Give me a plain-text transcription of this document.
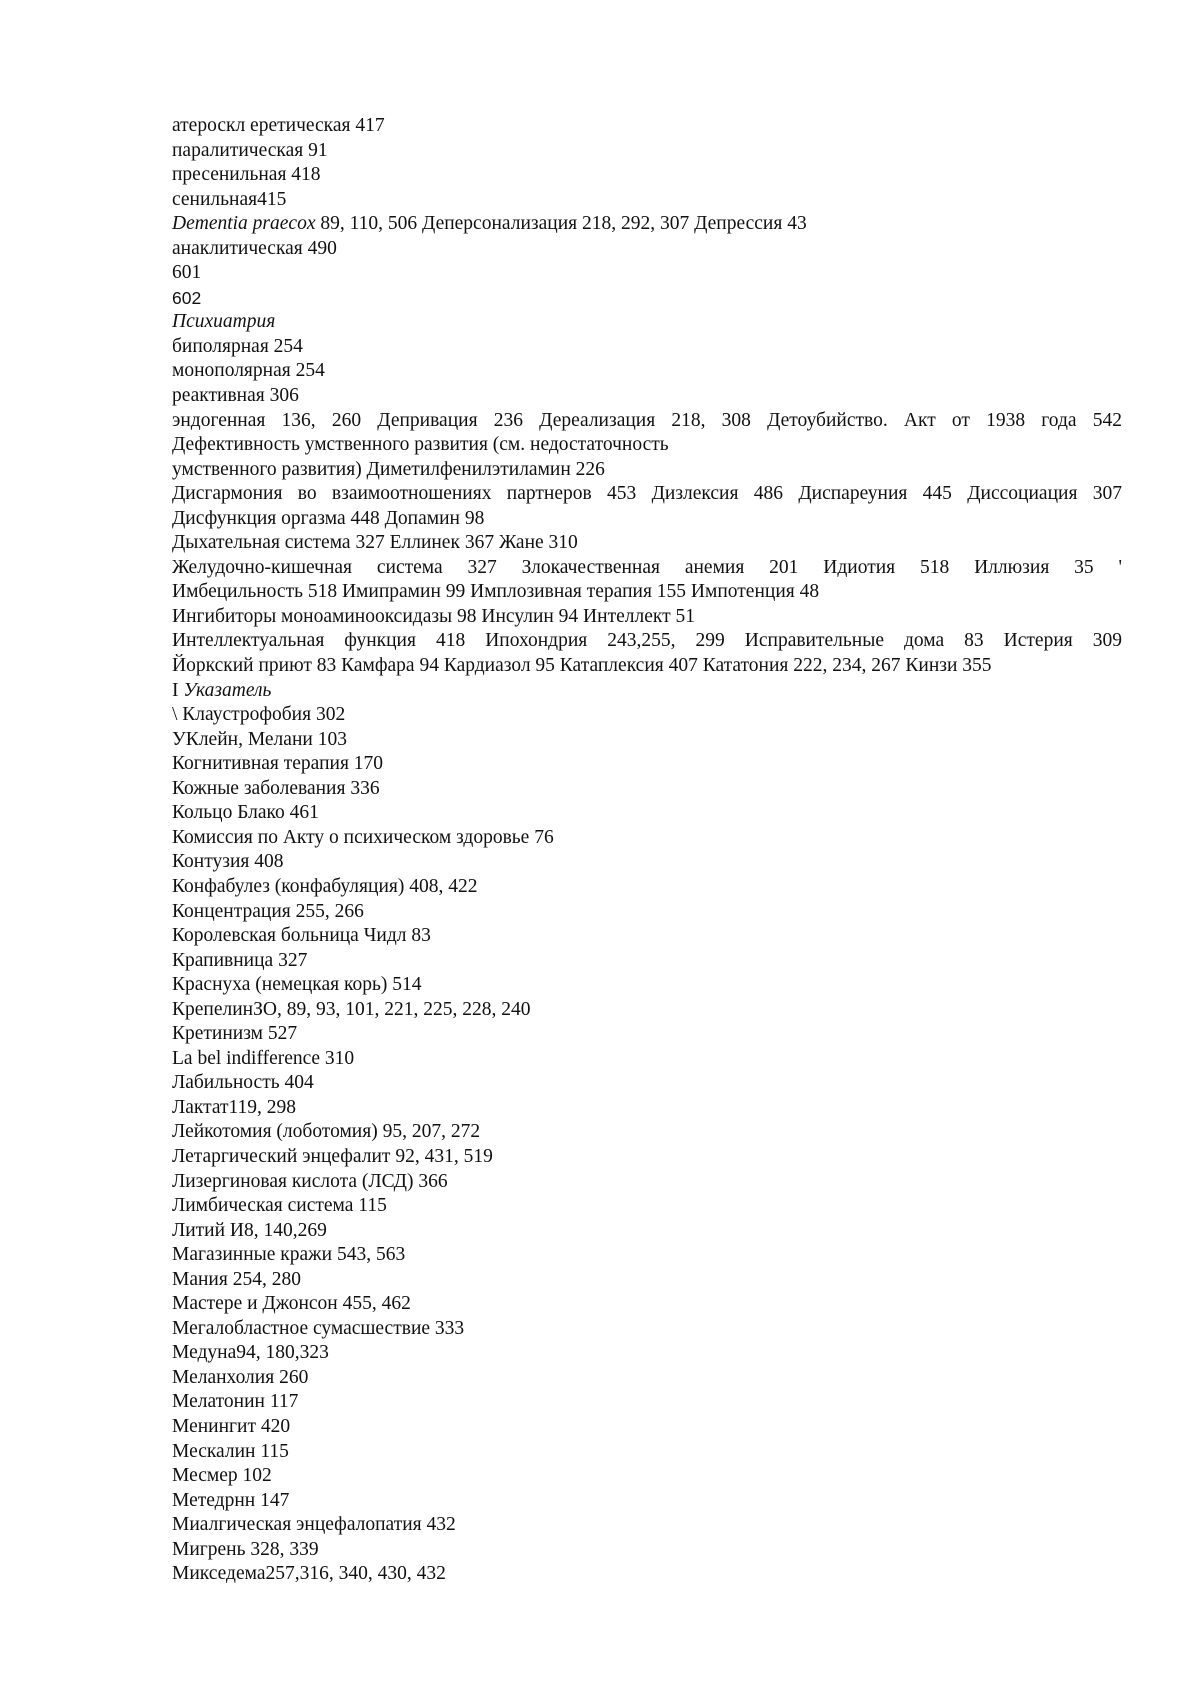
атероскл еретическая 417
паралитическая 91
пресенильная 418
сенильная415
Dementia praecox 89, 110, 506 Деперсонализация 218, 292, 307 Депрессия 43
анаклитическая 490
601
602
Психиатрия
биполярная 254
монополярная 254
реактивная 306
эндогенная 136, 260 Депривация 236 Дереализация 218, 308 Детоубийство. Акт от 1938 года 542
Дефективность умственного развития (см. недостаточность
умственного развития) Диметилфенилэтиламин 226
Дисгармония во взаимоотношениях партнеров 453 Дизлексия 486 Диспареуния 445 Диссоциация 307
Дисфункция оргазма 448 Допамин 98
Дыхательная система 327 Еллинек 367 Жане 310
Желудочно-кишечная система 327 Злокачественная анемия 201 Идиотия 518 Иллюзия 35 '
Имбецильность 518 Имипрамин 99 Имплозивная терапия 155 Импотенция 48
Ингибиторы моноаминооксидазы 98 Инсулин 94 Интеллект 51
Интеллектуальная функция 418 Ипохондрия 243,255, 299 Исправительные дома 83 Истерия 309
Йоркский приют 83 Камфара 94 Кардиазол 95 Катаплексия 407 Кататония 222, 234, 267 Кинзи 355
I Указатель
\ Клаустрофобия 302
УКлейн, Мелани 103
Когнитивная терапия 170
Кожные заболевания 336
Кольцо Блако 461
Комиссия по Акту о психическом здоровье 76
Контузия 408
Конфабулез (конфабуляция) 408, 422
Концентрация 255, 266
Королевская больница Чидл 83
Крапивница 327
Краснуха (немецкая корь) 514
КрепелинЗО, 89, 93, 101, 221, 225, 228, 240
Кретинизм 527
La bel indifference 310
Лабильность 404
Лактат119, 298
Лейкотомия (лоботомия) 95, 207, 272
Летаргический энцефалит 92, 431, 519
Лизергиновая кислота (ЛСД) 366
Лимбическая система 115
Литий И8, 140,269
Магазинные кражи 543, 563
Мания 254, 280
Мастере и Джонсон 455, 462
Мегалобластное сумасшествие 333
Медуна94, 180,323
Меланхолия 260
Мелатонин 117
Менингит 420
Мескалин 115
Месмер 102
Метедрнн 147
Миалгическая энцефалопатия 432
Мигрень 328, 339
Микседема257,316, 340, 430, 432
